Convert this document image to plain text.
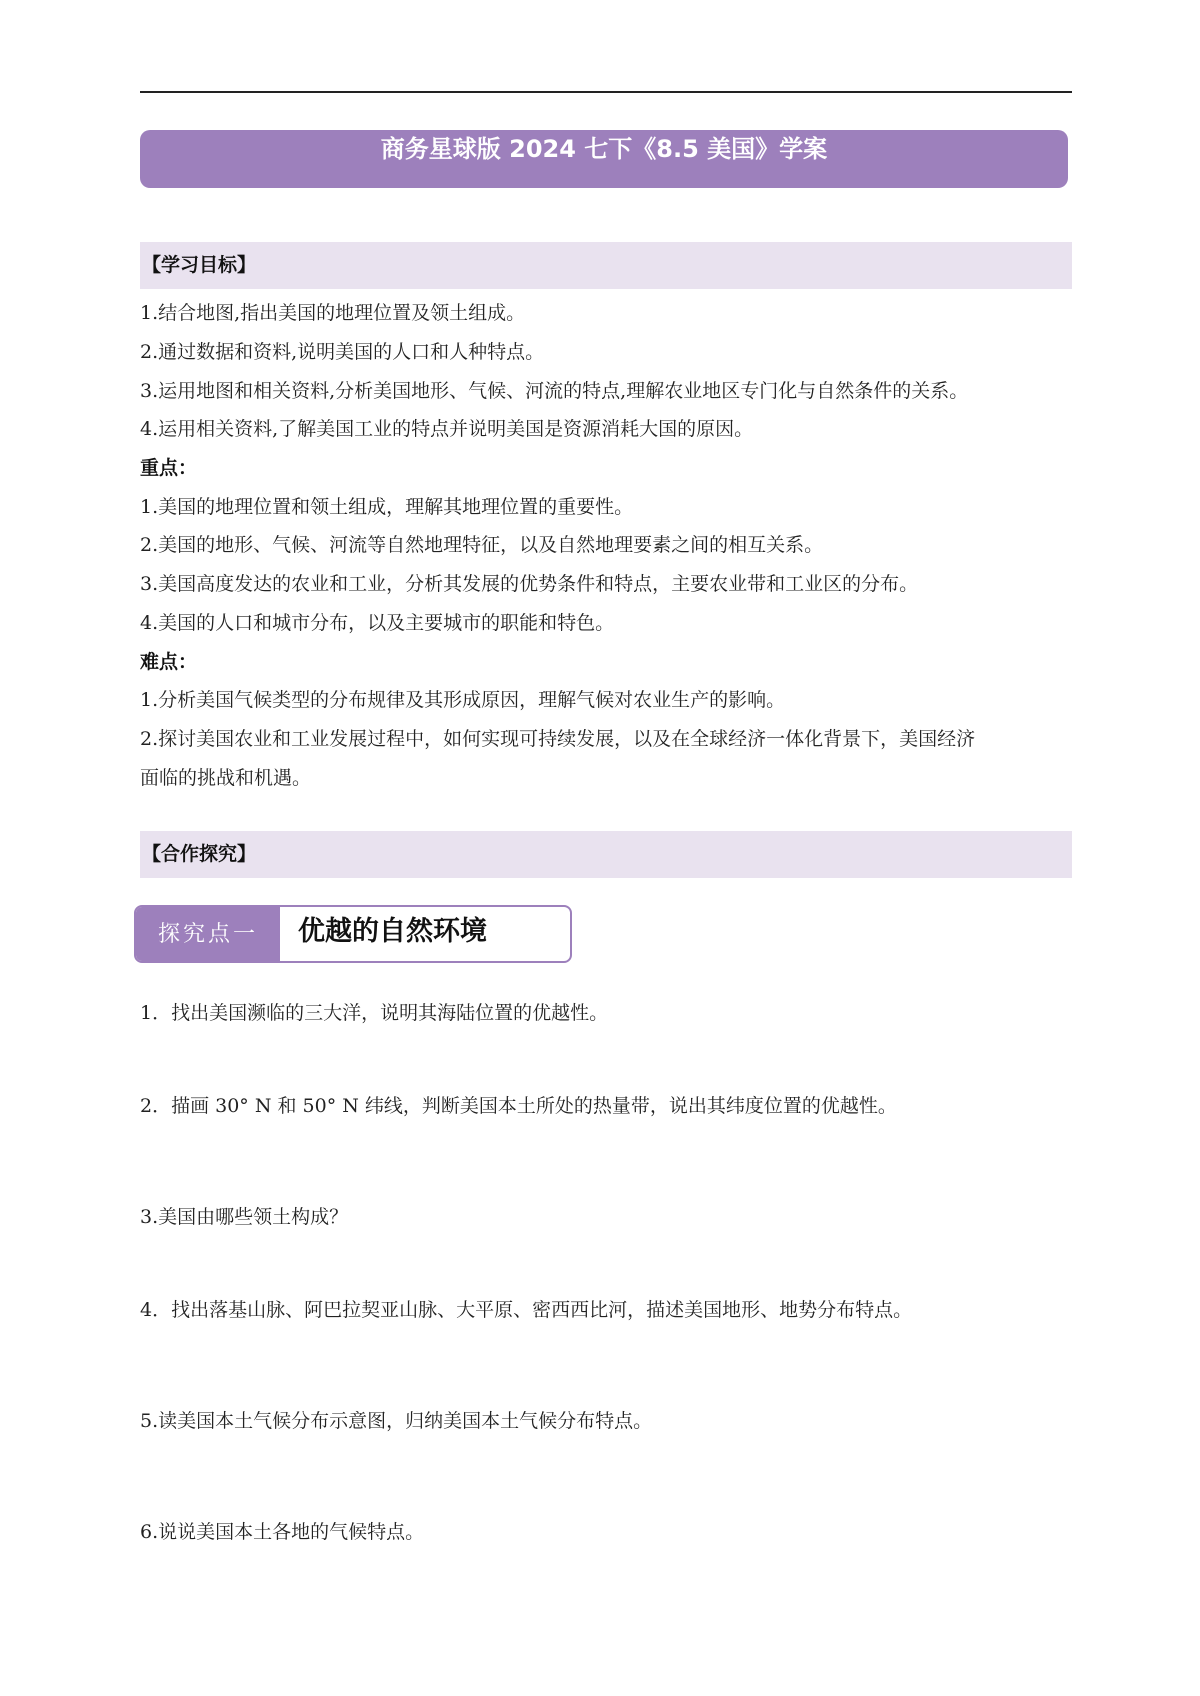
商务星球版 2024 七下《8.5 美国》学案
【学习目标】
1.结合地图,指出美国的地理位置及领土组成。
2.通过数据和资料,说明美国的人口和人种特点。
3.运用地图和相关资料,分析美国地形、气候、河流的特点,理解农业地区专门化与自然条件的关系。
4.运用相关资料,了解美国工业的特点并说明美国是资源消耗大国的原因。
重点：
1.美国的地理位置和领土组成，理解其地理位置的重要性。
2.美国的地形、气候、河流等自然地理特征，以及自然地理要素之间的相互关系。
3.美国高度发达的农业和工业，分析其发展的优势条件和特点，主要农业带和工业区的分布。
4.美国的人口和城市分布，以及主要城市的职能和特色。
难点：
1.分析美国气候类型的分布规律及其形成原因，理解气候对农业生产的影响。
2.探讨美国农业和工业发展过程中，如何实现可持续发展，以及在全球经济一体化背景下，美国经济
面临的挑战和机遇。
【合作探究】
探究点一	优越的自然环境
1．找出美国濒临的三大洋，说明其海陆位置的优越性。
2．描画 30° N 和 50° N 纬线，判断美国本土所处的热量带，说出其纬度位置的优越性。
3.美国由哪些领土构成？
4．找出落基山脉、阿巴拉契亚山脉、大平原、密西西比河，描述美国地形、地势分布特点。
5.读美国本土气候分布示意图，归纳美国本土气候分布特点。
6.说说美国本土各地的气候特点。
